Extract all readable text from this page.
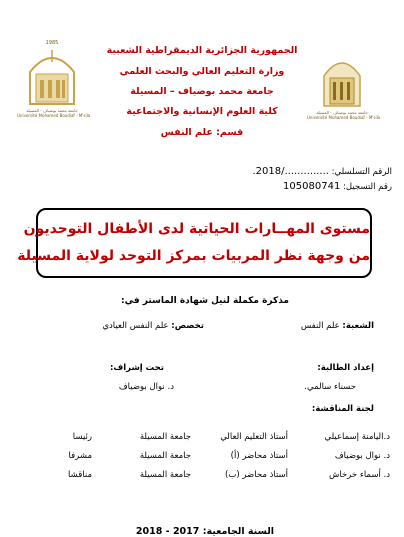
1985
جامعة محمد بوضياف - المسيلة
Université Mohamed Boudiaf - M'sila
جامعة محمد بوضياف - المسيلة
Université Mohamed Boudiaf - M'sila
الجمهورية الجزائرية الديمقراطية الشعبية
وزارة التعليم العالي والبحث العلمي
جامعة محمد بوضياف – المسيلة
كلية العلوم الإنسانية والاجتماعية
قسم: علم النفس
الرقم التسلسلي: ............../2018.
رقم التسجيل: 105080741
مستوى المهــارات الحياتية لدى الأطفال التوحديون
من وجهة نظر المربيات بمركز التوحد لولاية المسيلة
مذكرة مكملة لنيل شهادة الماستر في:
الشعبة: علم النفس
تخصص: علم النفس العيادي
إعداد الطالبة:
حسناء سالمي.
تحت إشراف:
د. نوال بوضياف
لجنة المناقشة:
د.اليامنة إسماعيلي
أستاذ التعليم العالي
جامعة المسيلة
رئيسا
د. نوال بوضياف
أستاذ محاضر (أ)
جامعة المسيلة
مشرفا
د. أسماء خرخاش
أستاذ محاضر (ب)
جامعة المسيلة
مناقشا
السنة الجامعية: 2017 - 2018
